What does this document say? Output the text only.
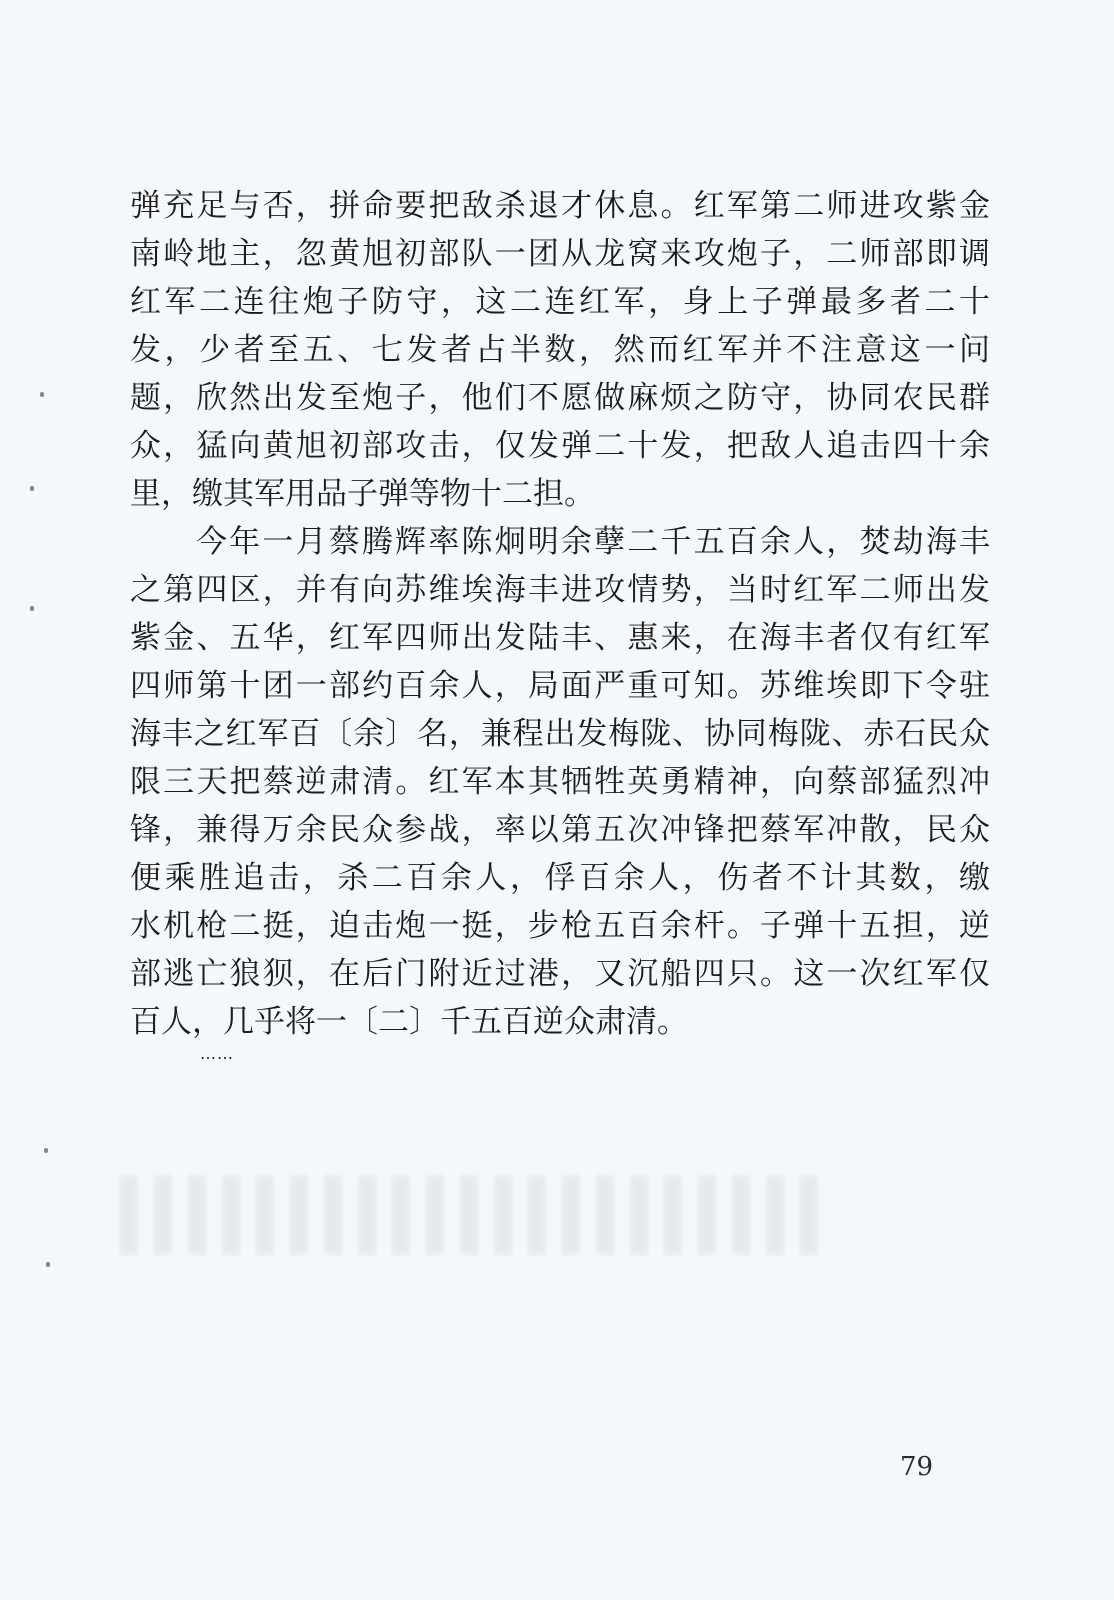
弹充足与否，拼命要把敌杀退才休息。红军第二师进攻紫金
南岭地主，忽黄旭初部队一团从龙窝来攻炮子，二师部即调
红军二连往炮子防守，这二连红军，身上子弹最多者二十
发，少者至五、七发者占半数，然而红军并不注意这一问
题，欣然出发至炮子，他们不愿做麻烦之防守，协同农民群
众，猛向黄旭初部攻击，仅发弹二十发，把敌人追击四十余
里，缴其军用品子弹等物十二担。
今年一月蔡腾辉率陈炯明余孽二千五百余人，焚劫海丰
之第四区，并有向苏维埃海丰进攻情势，当时红军二师出发
紫金、五华，红军四师出发陆丰、惠来，在海丰者仅有红军
四师第十团一部约百余人，局面严重可知。苏维埃即下令驻
海丰之红军百〔余〕名，兼程出发梅陇、协同梅陇、赤石民众
限三天把蔡逆肃清。红军本其牺牲英勇精神，向蔡部猛烈冲
锋，兼得万余民众参战，率以第五次冲锋把蔡军冲散，民众
便乘胜追击，杀二百余人，俘百余人，伤者不计其数，缴
水机枪二挺，迫击炮一挺，步枪五百余杆。子弹十五担，逆
部逃亡狼狈，在后门附近过港，又沉船四只。这一次红军仅
百人，几乎将一〔二〕千五百逆众肃清。
……
79
